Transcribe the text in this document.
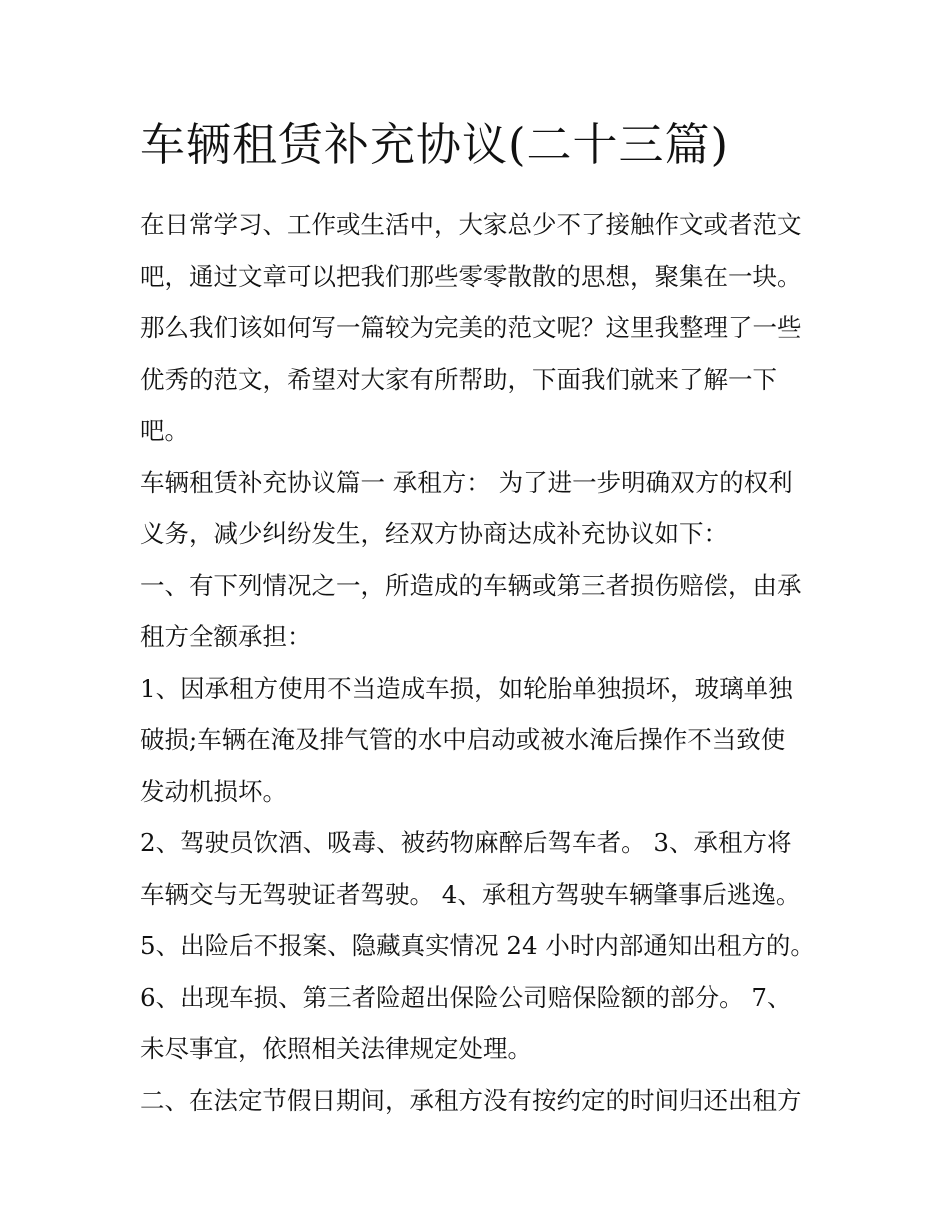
车辆租赁补充协议(二十三篇)

在日常学习、工作或生活中，大家总少不了接触作文或者范文
吧，通过文章可以把我们那些零零散散的思想，聚集在一块。
那么我们该如何写一篇较为完美的范文呢？这里我整理了一些
优秀的范文，希望对大家有所帮助，下面我们就来了解一下
吧。

车辆租赁补充协议篇一 承租方： 为了进一步明确双方的权利
义务，减少纠纷发生，经双方协商达成补充协议如下：

一、有下列情况之一，所造成的车辆或第三者损伤赔偿，由承
租方全额承担：

1、因承租方使用不当造成车损，如轮胎单独损坏，玻璃单独
破损;车辆在淹及排气管的水中启动或被水淹后操作不当致使
发动机损坏。

2、驾驶员饮酒、吸毒、被药物麻醉后驾车者。 3、承租方将
车辆交与无驾驶证者驾驶。 4、承租方驾驶车辆肇事后逃逸。
5、出险后不报案、隐藏真实情况 24 小时内部通知出租方的。
6、出现车损、第三者险超出保险公司赔保险额的部分。 7、
未尽事宜，依照相关法律规定处理。

二、在法定节假日期间，承租方没有按约定的时间归还出租方
